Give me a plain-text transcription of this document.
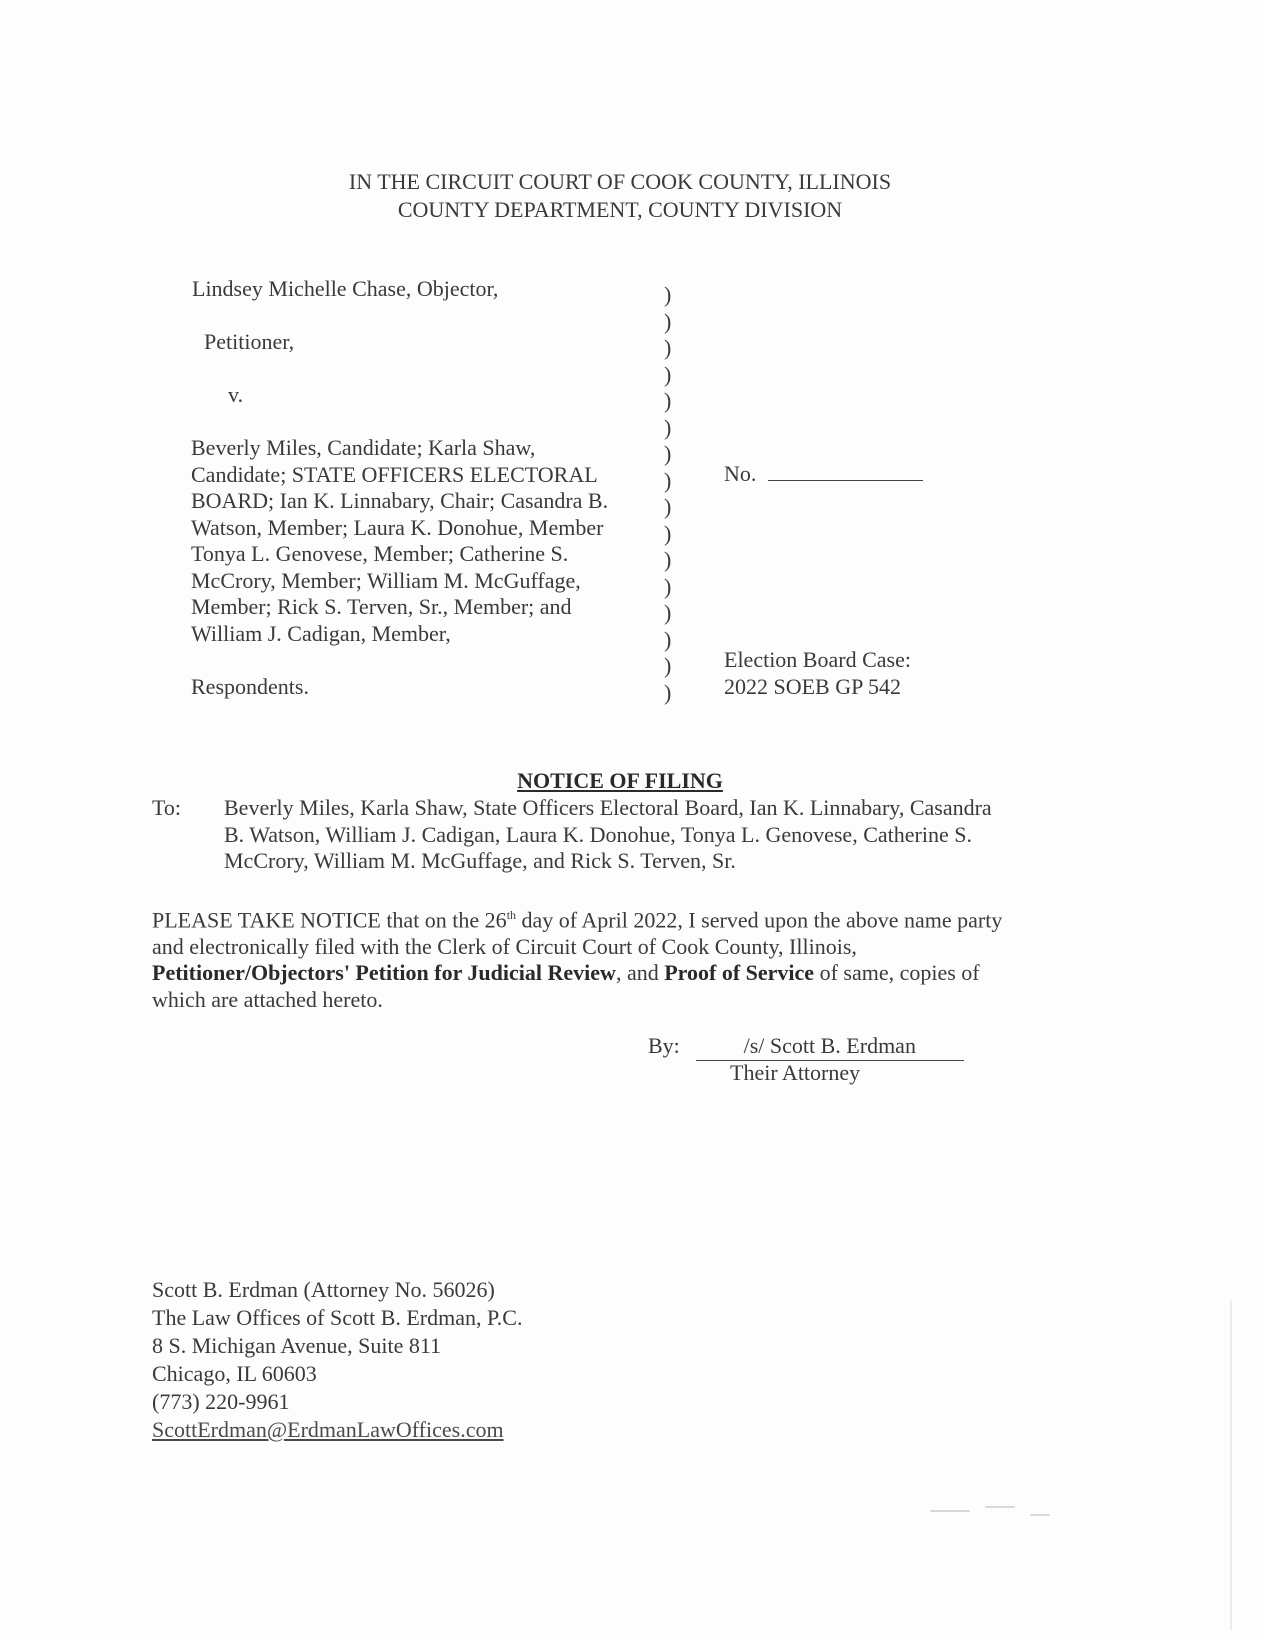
IN THE CIRCUIT COURT OF COOK COUNTY, ILLINOIS
COUNTY DEPARTMENT, COUNTY DIVISION
Lindsey Michelle Chase, Objector,
Petitioner,
v.
Beverly Miles, Candidate; Karla Shaw,
Candidate; STATE OFFICERS ELECTORAL
BOARD; Ian K. Linnabary, Chair; Casandra B.
Watson, Member; Laura K. Donohue, Member
Tonya L. Genovese, Member; Catherine S.
McCrory, Member; William M. McGuffage,
Member; Rick S. Terven, Sr., Member; and
William J. Cadigan, Member,
Respondents.
)
)
)
)
)
)
)
)
)
)
)
)
)
)
)
)
No.
Election Board Case:
2022 SOEB GP 542
NOTICE OF FILING
To: Beverly Miles, Karla Shaw, State Officers Electoral Board, Ian K. Linnabary, Casandra
B. Watson, William J. Cadigan, Laura K. Donohue, Tonya L. Genovese, Catherine S.
McCrory, William M. McGuffage, and Rick S. Terven, Sr.
PLEASE TAKE NOTICE that on the 26th day of April 2022, I served upon the above name party
and electronically filed with the Clerk of Circuit Court of Cook County, Illinois,
Petitioner/Objectors' Petition for Judicial Review, and Proof of Service of same, copies of
which are attached hereto.
By:	/s/ Scott B. Erdman
Their Attorney
Scott B. Erdman (Attorney No. 56026)
The Law Offices of Scott B. Erdman, P.C.
8 S. Michigan Avenue, Suite 811
Chicago, IL 60603
(773) 220-9961
ScottErdman@ErdmanLawOffices.com
